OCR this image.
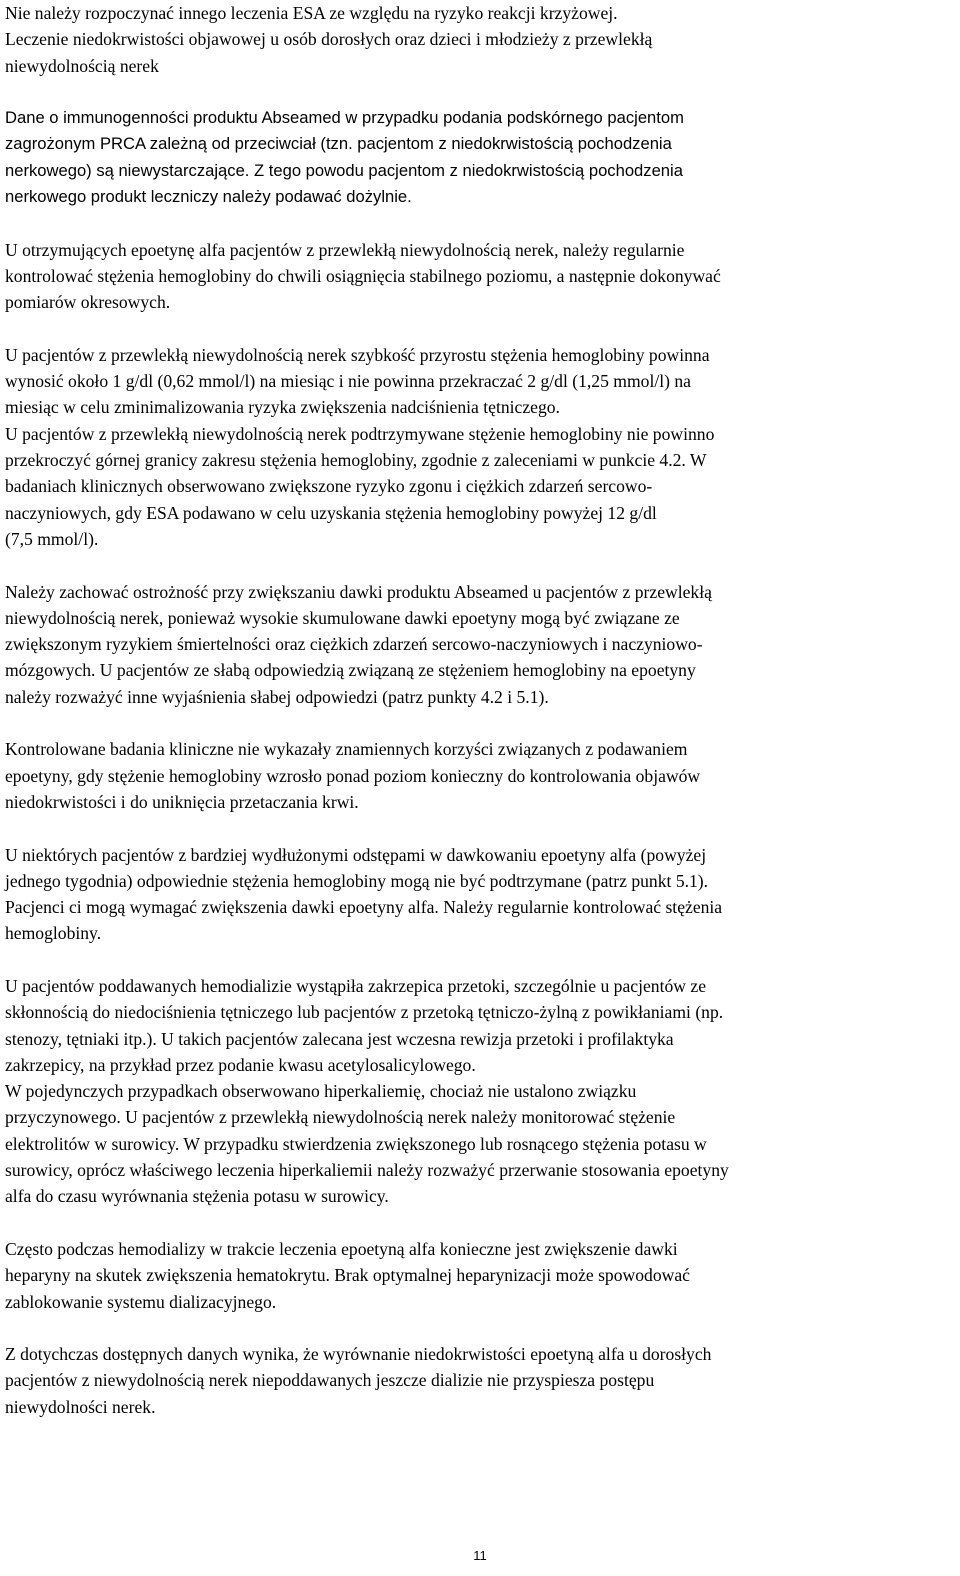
Nie należy rozpoczynać innego leczenia ESA ze względu na ryzyko reakcji krzyżowej.
Leczenie niedokrwistości objawowej u osób dorosłych oraz dzieci i młodzieży z przewlekłą
niewydolnością nerek
Dane o immunogenności produktu Abseamed w przypadku podania podskórnego pacjentom
zagrożonym PRCA zależną od przeciwciał (tzn. pacjentom z niedokrwistością pochodzenia
nerkowego) są niewystarczające. Z tego powodu pacjentom z niedokrwistością pochodzenia
nerkowego produkt leczniczy należy podawać dożylnie.
U otrzymujących epoetynę alfa pacjentów z przewlekłą niewydolnością nerek, należy regularnie
kontrolować stężenia hemoglobiny do chwili osiągnięcia stabilnego poziomu, a następnie dokonywać
pomiarów okresowych.
U pacjentów z przewlekłą niewydolnością nerek szybkość przyrostu stężenia hemoglobiny powinna
wynosić około 1 g/dl (0,62 mmol/l) na miesiąc i nie powinna przekraczać 2 g/dl (1,25 mmol/l) na
miesiąc w celu zminimalizowania ryzyka zwiększenia nadciśnienia tętniczego.
U pacjentów z przewlekłą niewydolnością nerek podtrzymywane stężenie hemoglobiny nie powinno
przekroczyć górnej granicy zakresu stężenia hemoglobiny, zgodnie z zaleceniami w punkcie 4.2. W
badaniach klinicznych obserwowano zwiększone ryzyko zgonu i ciężkich zdarzeń sercowo-
naczyniowych, gdy ESA podawano w celu uzyskania stężenia hemoglobiny powyżej 12 g/dl
(7,5 mmol/l).
Należy zachować ostrożność przy zwiększaniu dawki produktu Abseamed u pacjentów z przewlekłą
niewydolnością nerek, ponieważ wysokie skumulowane dawki epoetyny mogą być związane ze
zwiększonym ryzykiem śmiertelności oraz ciężkich zdarzeń sercowo-naczyniowych i naczyniowo-
mózgowych. U pacjentów ze słabą odpowiedzią związaną ze stężeniem hemoglobiny na epoetyny
należy rozważyć inne wyjaśnienia słabej odpowiedzi (patrz punkty 4.2 i 5.1).
Kontrolowane badania kliniczne nie wykazały znamiennych korzyści związanych z podawaniem
epoetyny, gdy stężenie hemoglobiny wzrosło ponad poziom konieczny do kontrolowania objawów
niedokrwistości i do uniknięcia przetaczania krwi.
U niektórych pacjentów z bardziej wydłużonymi odstępami w dawkowaniu epoetyny alfa (powyżej
jednego tygodnia) odpowiednie stężenia hemoglobiny mogą nie być podtrzymane (patrz punkt 5.1).
Pacjenci ci mogą wymagać zwiększenia dawki epoetyny alfa. Należy regularnie kontrolować stężenia
hemoglobiny.
U pacjentów poddawanych hemodializie wystąpiła zakrzepica przetoki, szczególnie u pacjentów ze
skłonnością do niedociśnienia tętniczego lub pacjentów z przetoką tętniczo-żylną z powikłaniami (np.
stenozy, tętniaki itp.). U takich pacjentów zalecana jest wczesna rewizja przetoki i profilaktyka
zakrzepicy, na przykład przez podanie kwasu acetylosalicylowego.
W pojedynczych przypadkach obserwowano hiperkaliemię, chociaż nie ustalono związku
przyczynowego. U pacjentów z przewlekłą niewydolnością nerek należy monitorować stężenie
elektrolitów w surowicy. W przypadku stwierdzenia zwiększonego lub rosnącego stężenia potasu w
surowicy, oprócz właściwego leczenia hiperkaliemii należy rozważyć przerwanie stosowania epoetyny
alfa do czasu wyrównania stężenia potasu w surowicy.
Często podczas hemodializy w trakcie leczenia epoetyną alfa konieczne jest zwiększenie dawki
heparyny na skutek zwiększenia hematokrytu. Brak optymalnej heparynizacji może spowodować
zablokowanie systemu dializacyjnego.
Z dotychczas dostępnych danych wynika, że wyrównanie niedokrwistości epoetyną alfa u dorosłych
pacjentów z niewydolnością nerek niepoddawanych jeszcze dializie nie przyspiesza postępu
niewydolności nerek.
11
